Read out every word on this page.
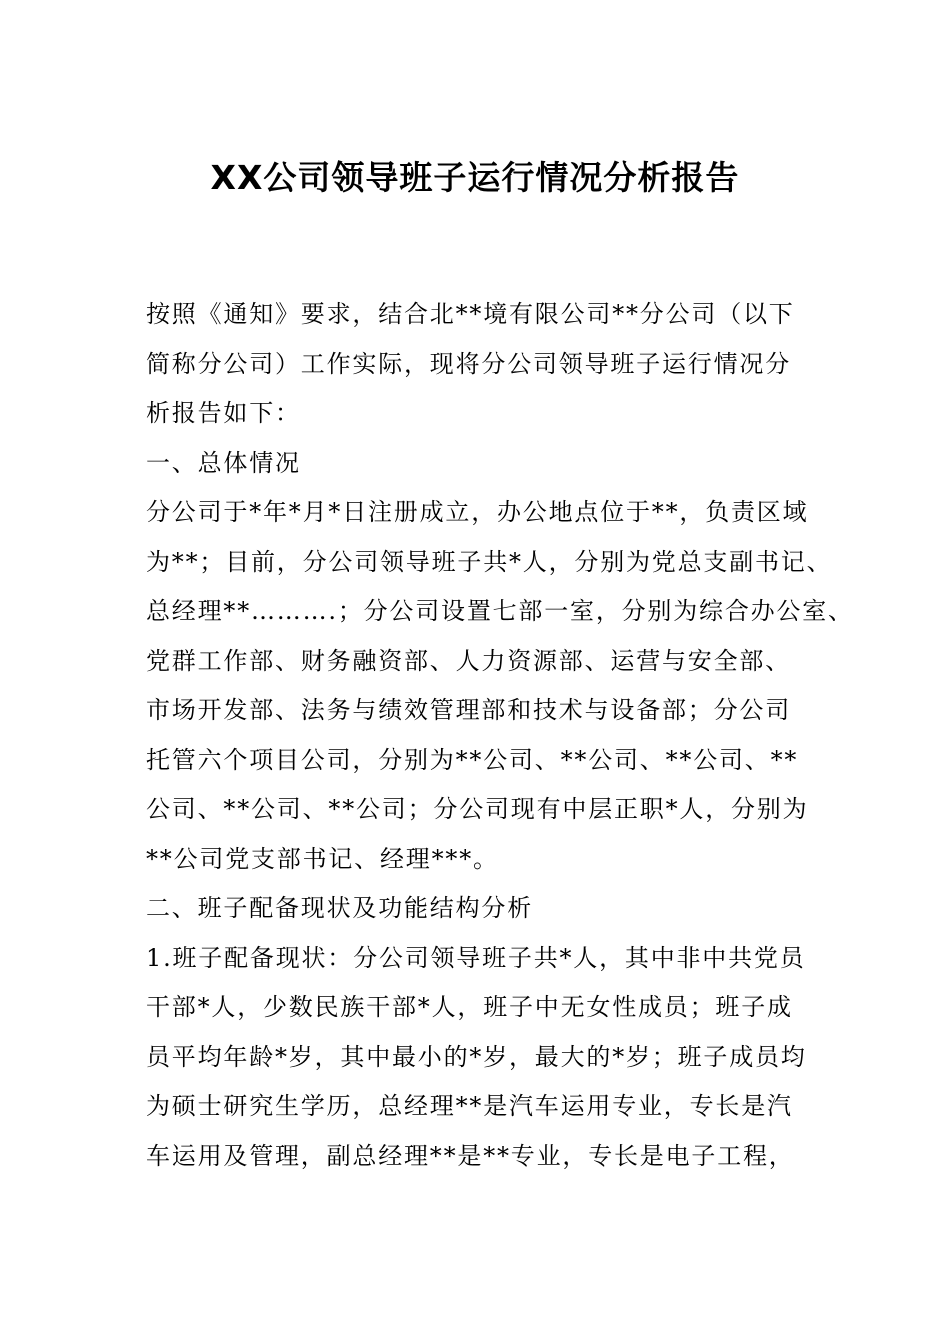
XX公司领导班子运行情况分析报告
按照《通知》要求，结合北**境有限公司**分公司（以下
简称分公司）工作实际，现将分公司领导班子运行情况分
析报告如下：
一、总体情况
分公司于*年*月*日注册成立，办公地点位于**，负责区域
为**；目前，分公司领导班子共*人，分别为党总支副书记、
总经理**……….；分公司设置七部一室，分别为综合办公室、
党群工作部、财务融资部、人力资源部、运营与安全部、
市场开发部、法务与绩效管理部和技术与设备部；分公司
托管六个项目公司，分别为**公司、**公司、**公司、**
公司、**公司、**公司；分公司现有中层正职*人，分别为
**公司党支部书记、经理***。
二、班子配备现状及功能结构分析
1.班子配备现状：分公司领导班子共*人，其中非中共党员
干部*人，少数民族干部*人，班子中无女性成员；班子成
员平均年龄*岁，其中最小的*岁，最大的*岁；班子成员均
为硕士研究生学历，总经理**是汽车运用专业，专长是汽
车运用及管理，副总经理**是**专业，专长是电子工程，
